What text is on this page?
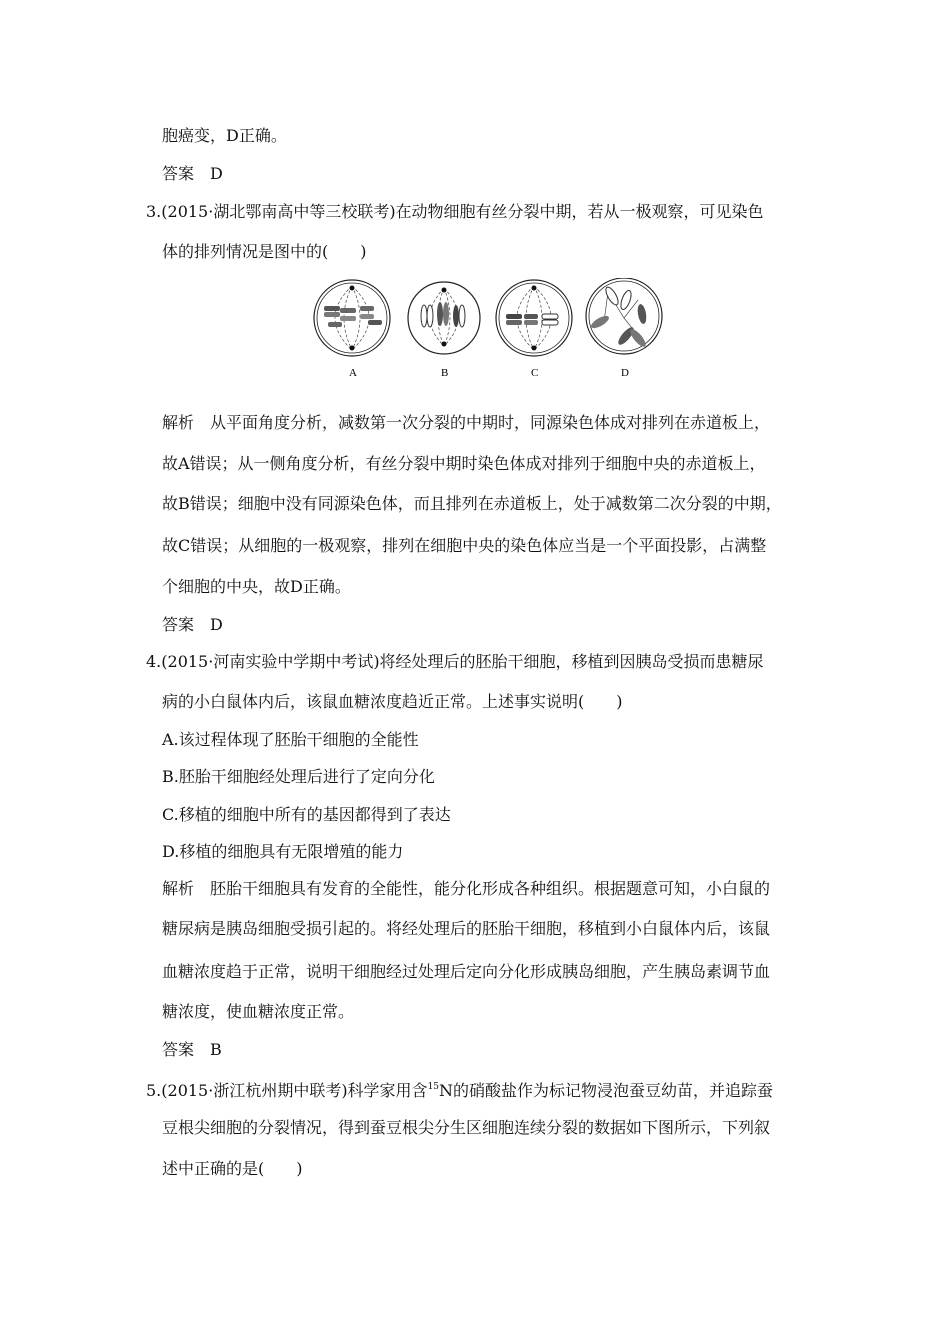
胞癌变，D正确。
答案　D
3.(2015·湖北鄂南高中等三校联考)在动物细胞有丝分裂中期，若从一极观察，可见染色
体的排列情况是图中的(　　)
A	B	C	D
解析　从平面角度分析，减数第一次分裂的中期时，同源染色体成对排列在赤道板上，
故A错误；从一侧角度分析，有丝分裂中期时染色体成对排列于细胞中央的赤道板上，
故B错误；细胞中没有同源染色体，而且排列在赤道板上，处于减数第二次分裂的中期，
故C错误；从细胞的一极观察，排列在细胞中央的染色体应当是一个平面投影，占满整
个细胞的中央，故D正确。
答案　D
4.(2015·河南实验中学期中考试)将经处理后的胚胎干细胞，移植到因胰岛受损而患糖尿
病的小白鼠体内后，该鼠血糖浓度趋近正常。上述事实说明(　　)
A.该过程体现了胚胎干细胞的全能性
B.胚胎干细胞经处理后进行了定向分化
C.移植的细胞中所有的基因都得到了表达
D.移植的细胞具有无限增殖的能力
解析　胚胎干细胞具有发育的全能性，能分化形成各种组织。根据题意可知，小白鼠的
糖尿病是胰岛细胞受损引起的。将经处理后的胚胎干细胞，移植到小白鼠体内后，该鼠
血糖浓度趋于正常，说明干细胞经过处理后定向分化形成胰岛细胞，产生胰岛素调节血
糖浓度，使血糖浓度正常。
答案　B
5.(2015·浙江杭州期中联考)科学家用含$^{15}$N的硝酸盐作为标记物浸泡蚕豆幼苗，并追踪蚕
豆根尖细胞的分裂情况，得到蚕豆根尖分生区细胞连续分裂的数据如下图所示，下列叙
述中正确的是(　　)
